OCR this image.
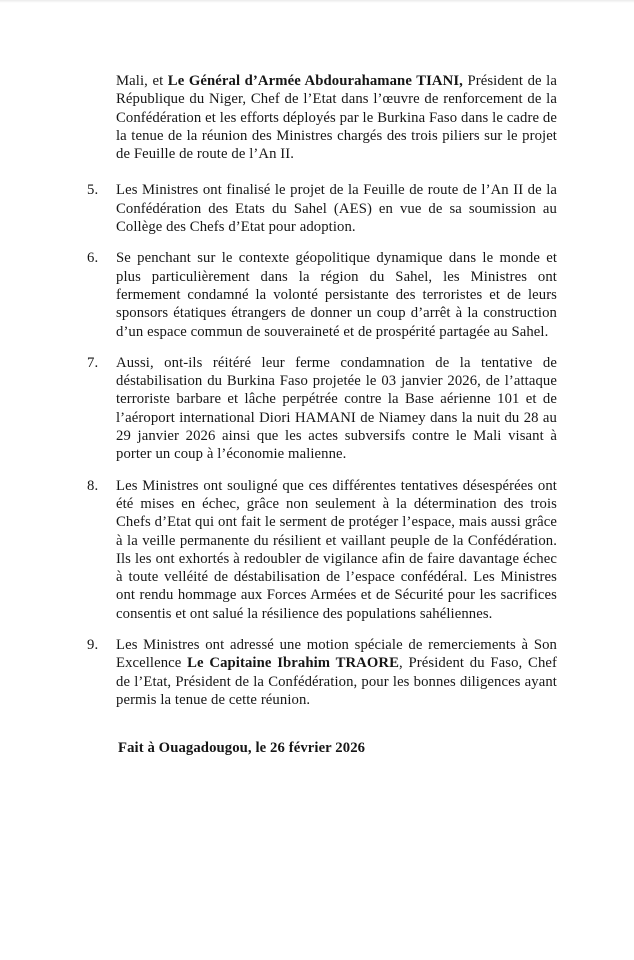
Mali, et Le Général d’Armée Abdourahamane TIANI, Président de la République du Niger, Chef de l’Etat dans l’œuvre de renforcement de la Confédération et les efforts déployés par le Burkina Faso dans le cadre de la tenue de la réunion des Ministres chargés des trois piliers sur le projet de Feuille de route de l’An II.
5.	Les Ministres ont finalisé le projet de la Feuille de route de l’An II de la Confédération des Etats du Sahel (AES) en vue de sa soumission au Collège des Chefs d’Etat pour adoption.
6.	Se penchant sur le contexte géopolitique dynamique dans le monde et plus particulièrement dans la région du Sahel, les Ministres ont fermement condamné la volonté persistante des terroristes et de leurs sponsors étatiques étrangers de donner un coup d’arrêt à la construction d’un espace commun de souveraineté et de prospérité partagée au Sahel.
7.	Aussi, ont-ils réitéré leur ferme condamnation de la tentative de déstabilisation du Burkina Faso projetée le 03 janvier 2026, de l’attaque terroriste barbare et lâche perpétrée contre la Base aérienne 101 et de l’aéroport international Diori HAMANI de Niamey dans la nuit du 28 au 29 janvier 2026 ainsi que les actes subversifs contre le Mali visant à porter un coup à l’économie malienne.
8.	Les Ministres ont souligné que ces différentes tentatives désespérées ont été mises en échec, grâce non seulement à la détermination des trois Chefs d’Etat qui ont fait le serment de protéger l’espace, mais aussi grâce à la veille permanente du résilient et vaillant peuple de la Confédération. Ils les ont exhortés à redoubler de vigilance afin de faire davantage échec à toute velléité de déstabilisation de l’espace confédéral. Les Ministres ont rendu hommage aux Forces Armées et de Sécurité pour les sacrifices consentis et ont salué la résilience des populations sahéliennes.
9.	Les Ministres ont adressé une motion spéciale de remerciements à Son Excellence Le Capitaine Ibrahim TRAORE, Président du Faso, Chef de l’Etat, Président de la Confédération, pour les bonnes diligences ayant permis la tenue de cette réunion.
Fait à Ouagadougou, le 26 février 2026
